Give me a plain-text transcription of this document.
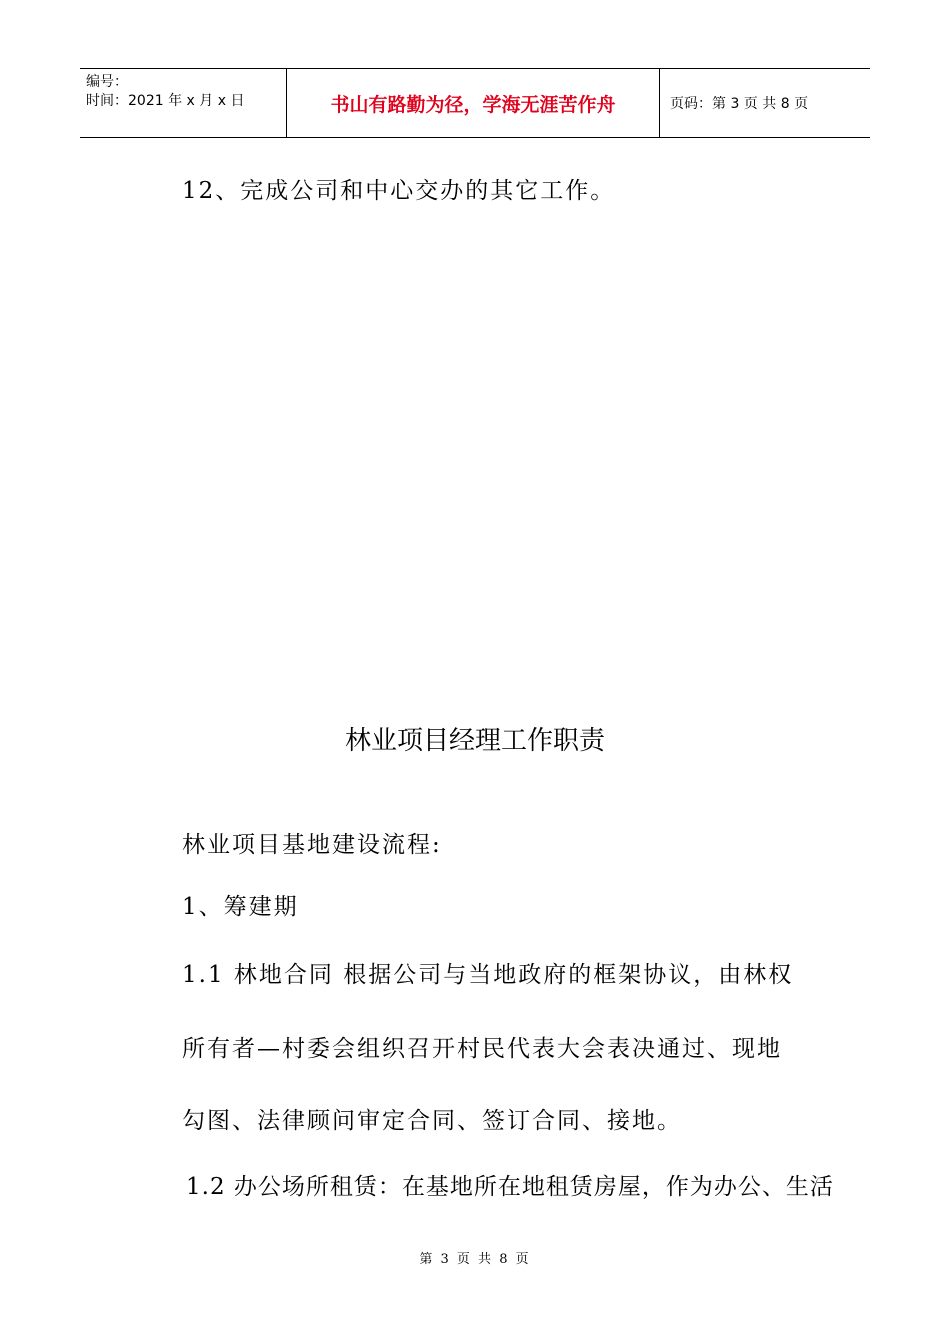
编号：
时间：2021 年 x 月 x 日	书山有路勤为径，学海无涯苦作舟	页码：第 3 页 共 8 页
12、完成公司和中心交办的其它工作。
林业项目经理工作职责
林业项目基地建设流程:
1、筹建期
1.1 林地合同 根据公司与当地政府的框架协议，由林权
所有者—村委会组织召开村民代表大会表决通过、现地
勾图、法律顾问审定合同、签订合同、接地。
1.2 办公场所租赁：在基地所在地租赁房屋，作为办公、生活
第 3 页 共 8 页
